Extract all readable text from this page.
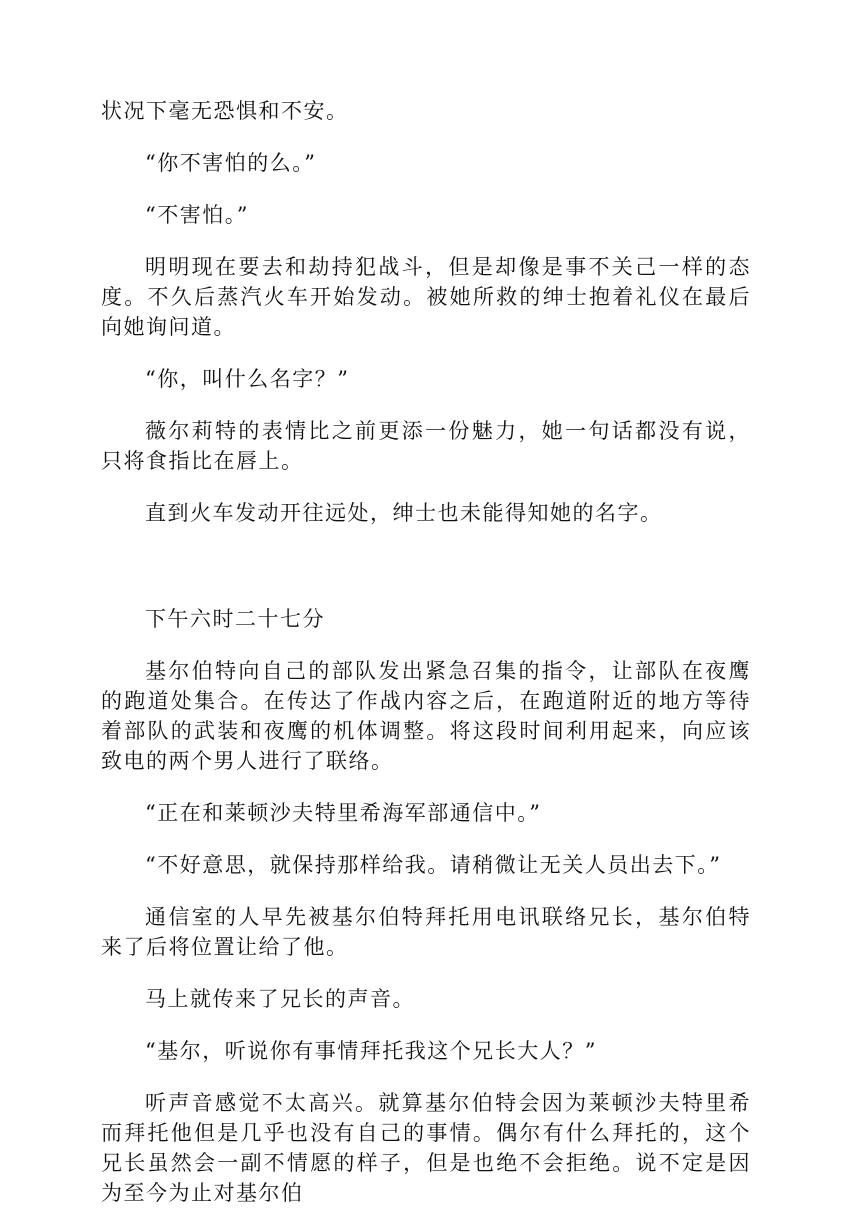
状况下毫无恐惧和不安。

“你不害怕的么。”

“不害怕。”

明明现在要去和劫持犯战斗，但是却像是事不关己一样的态度。不久后蒸汽火车开始发动。被她所救的绅士抱着礼仪在最后向她询问道。

“你，叫什么名字？”

薇尔莉特的表情比之前更添一份魅力，她一句话都没有说，只将食指比在唇上。

直到火车发动开往远处，绅士也未能得知她的名字。

下午六时二十七分

基尔伯特向自己的部队发出紧急召集的指令，让部队在夜鹰的跑道处集合。在传达了作战内容之后，在跑道附近的地方等待着部队的武装和夜鹰的机体调整。将这段时间利用起来，向应该致电的两个男人进行了联络。

“正在和莱顿沙夫特里希海军部通信中。”

“不好意思，就保持那样给我。请稍微让无关人员出去下。”

通信室的人早先被基尔伯特拜托用电讯联络兄长，基尔伯特来了后将位置让给了他。

马上就传来了兄长的声音。

“基尔，听说你有事情拜托我这个兄长大人？”

听声音感觉不太高兴。就算基尔伯特会因为莱顿沙夫特里希而拜托他但是几乎也没有自己的事情。偶尔有什么拜托的，这个兄长虽然会一副不情愿的样子，但是也绝不会拒绝。说不定是因为至今为止对基尔伯
